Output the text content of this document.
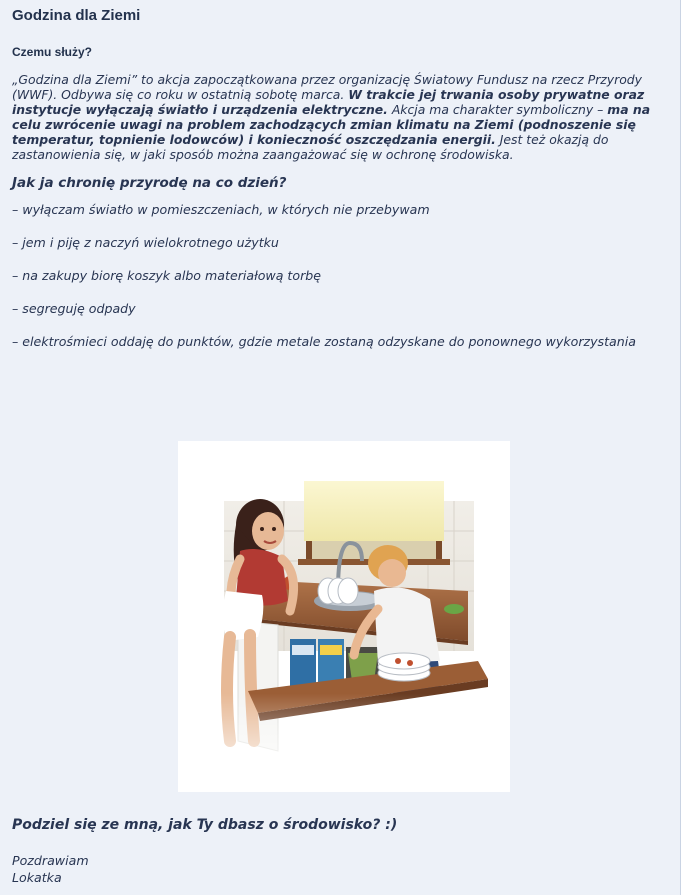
Godzina dla Ziemi
Czemu służy?

„Godzina dla Ziemi” to akcja zapoczątkowana przez organizację Światowy Fundusz na rzecz Przyrody (WWF). Odbywa się co roku w ostatnią sobotę marca. W trakcie jej trwania osoby prywatne oraz instytucje wyłączają światło i urządzenia elektryczne. Akcja ma charakter symboliczny – ma na celu zwrócenie uwagi na problem zachodzących zmian klimatu na Ziemi (podnoszenie się temperatur, topnienie lodowców) i konieczność oszczędzania energii. Jest też okazją do zastanowienia się, w jaki sposób można zaangażować się w ochronę środowiska.

Jak ja chronię przyrodę na co dzień?
– wyłączam światło w pomieszczeniach, w których nie przebywam
– jem i piję z naczyń wielokrotnego użytku
– na zakupy biorę koszyk albo materiałową torbę
– segreguję odpady
– elektrośmieci oddaję do punktów, gdzie metale zostaną odzyskane do ponownego wykorzystania

Podziel się ze mną, jak Ty dbasz o środowisko? :)

Pozdrawiam
Lokatka
